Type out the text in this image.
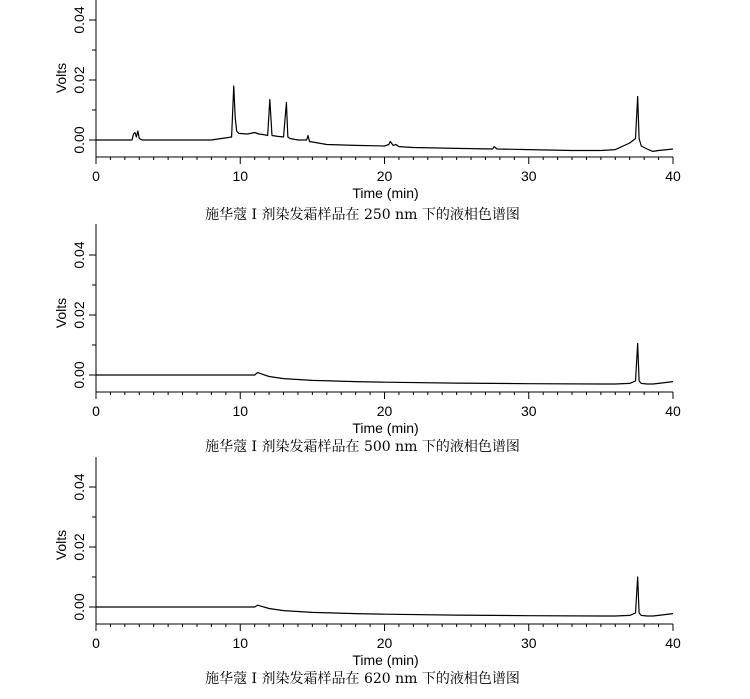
0	10	20	30	40
0.00
0.02
0.04
Volts
Time (min)
施华蔻 I 剂染发霜样品在 250 nm 下的液相色谱图
0	10	20	30	40
0.00
0.02
0.04
Volts
Time (min)
施华蔻 I 剂染发霜样品在 500 nm 下的液相色谱图
0	10	20	30	40
0.00
0.02
0.04
Volts
Time (min)
施华蔻 I 剂染发霜样品在 620 nm 下的液相色谱图
